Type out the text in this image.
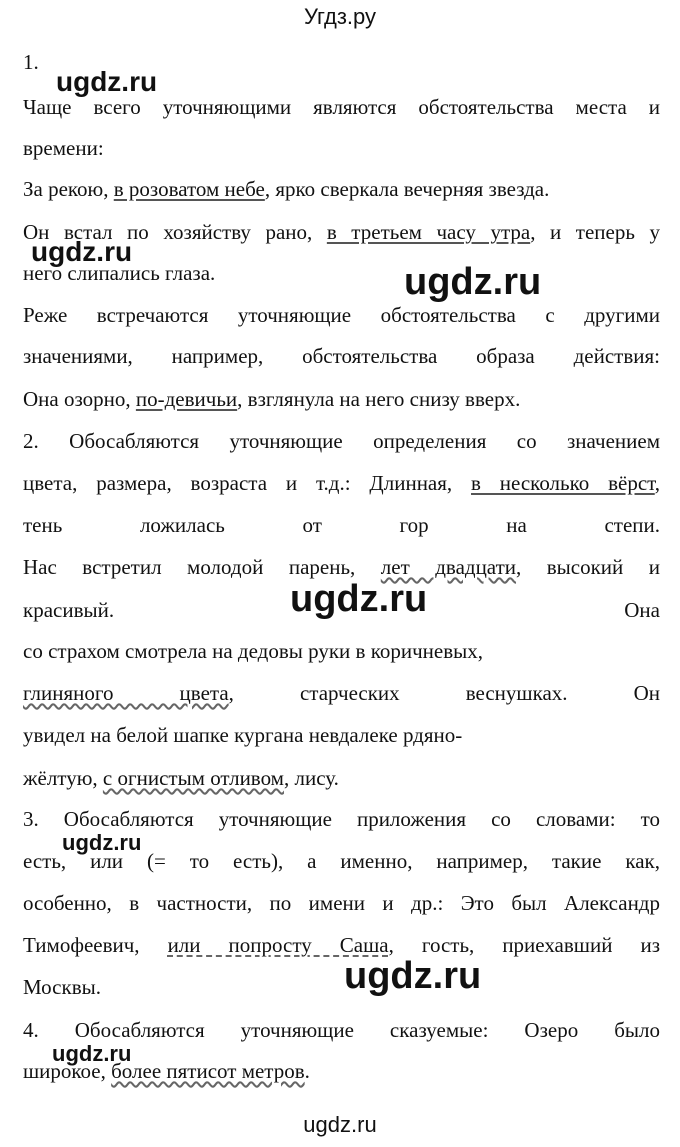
Угдз.ру
ugdz.ru
ugdz.ru
ugdz.ru
ugdz.ru
ugdz.ru
ugdz.ru
ugdz.ru
1.
Чаще всего уточняющими являются обстоятельства места и
времени:
За рекою, в розоватом небе, ярко сверкала вечерняя звезда.
Он встал по хозяйству рано, в третьем часу утра, и теперь у
него слипались глаза.
Реже встречаются уточняющие обстоятельства с другими
значениями, например, обстоятельства образа действия:
Она озорно, по-девичьи, взглянула на него снизу вверх.
2. Обосабляются уточняющие определения со значением
цвета, размера, возраста и т.д.: Длинная, в несколько вёрст,
тень ложилась от гор на степи.
Нас встретил молодой парень, лет двадцати, высокий и
красивый.	Она
со страхом смотрела на дедовы руки в коричневых,
глиняного цвета, старческих веснушках.	Он
увидел на белой шапке кургана невдалеке рдяно-
жёлтую, с огнистым отливом, лису.
3. Обосабляются уточняющие приложения со словами: то
есть, или (= то есть), а именно, например, такие как,
особенно, в частности, по имени и др.: Это был Александр
Тимофеевич, или попросту Саша, гость, приехавший из
Москвы.
4. Обосабляются уточняющие сказуемые: Озеро было
широкое, более пятисот метров.
ugdz.ru
